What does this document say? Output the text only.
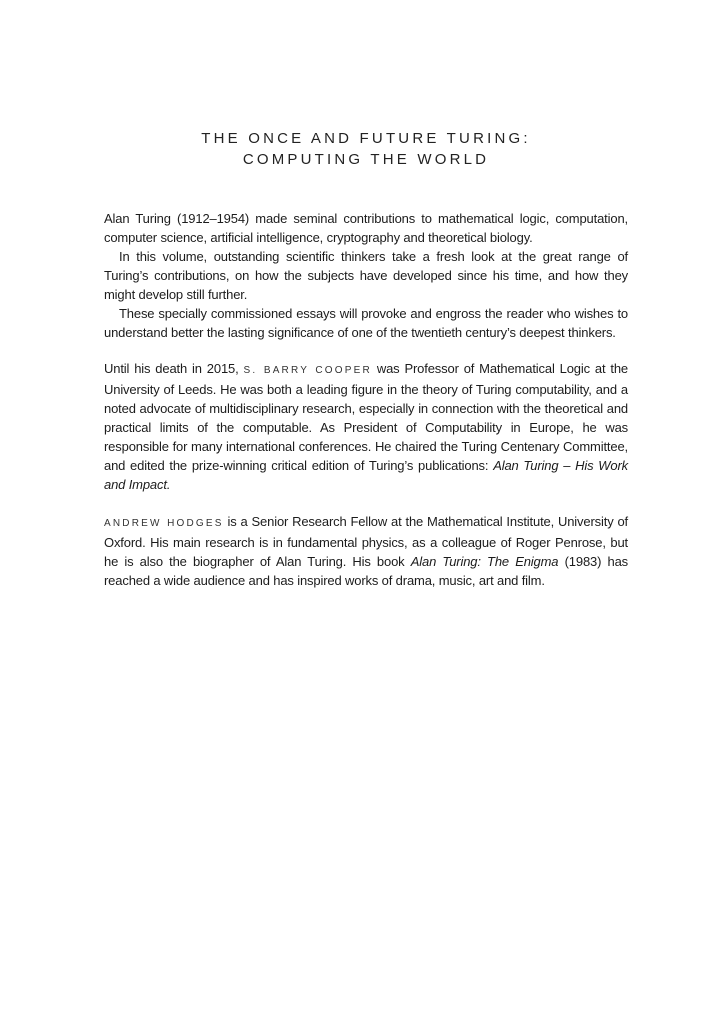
THE ONCE AND FUTURE TURING:
COMPUTING THE WORLD

Alan Turing (1912–1954) made seminal contributions to mathematical logic, computation, computer science, artificial intelligence, cryptography and theoretical biology.

In this volume, outstanding scientific thinkers take a fresh look at the great range of Turing’s contributions, on how the subjects have developed since his time, and how they might develop still further.

These specially commissioned essays will provoke and engross the reader who wishes to understand better the lasting significance of one of the twentieth century’s deepest thinkers.

Until his death in 2015, S. BARRY COOPER was Professor of Mathematical Logic at the University of Leeds. He was both a leading figure in the theory of Turing computability, and a noted advocate of multidisciplinary research, especially in connection with the theoretical and practical limits of the computable. As President of Computability in Europe, he was responsible for many international conferences. He chaired the Turing Centenary Committee, and edited the prize-winning critical edition of Turing’s publications: Alan Turing – His Work and Impact.

ANDREW HODGES is a Senior Research Fellow at the Mathematical Institute, University of Oxford. His main research is in fundamental physics, as a colleague of Roger Penrose, but he is also the biographer of Alan Turing. His book Alan Turing: The Enigma (1983) has reached a wide audience and has inspired works of drama, music, art and film.
